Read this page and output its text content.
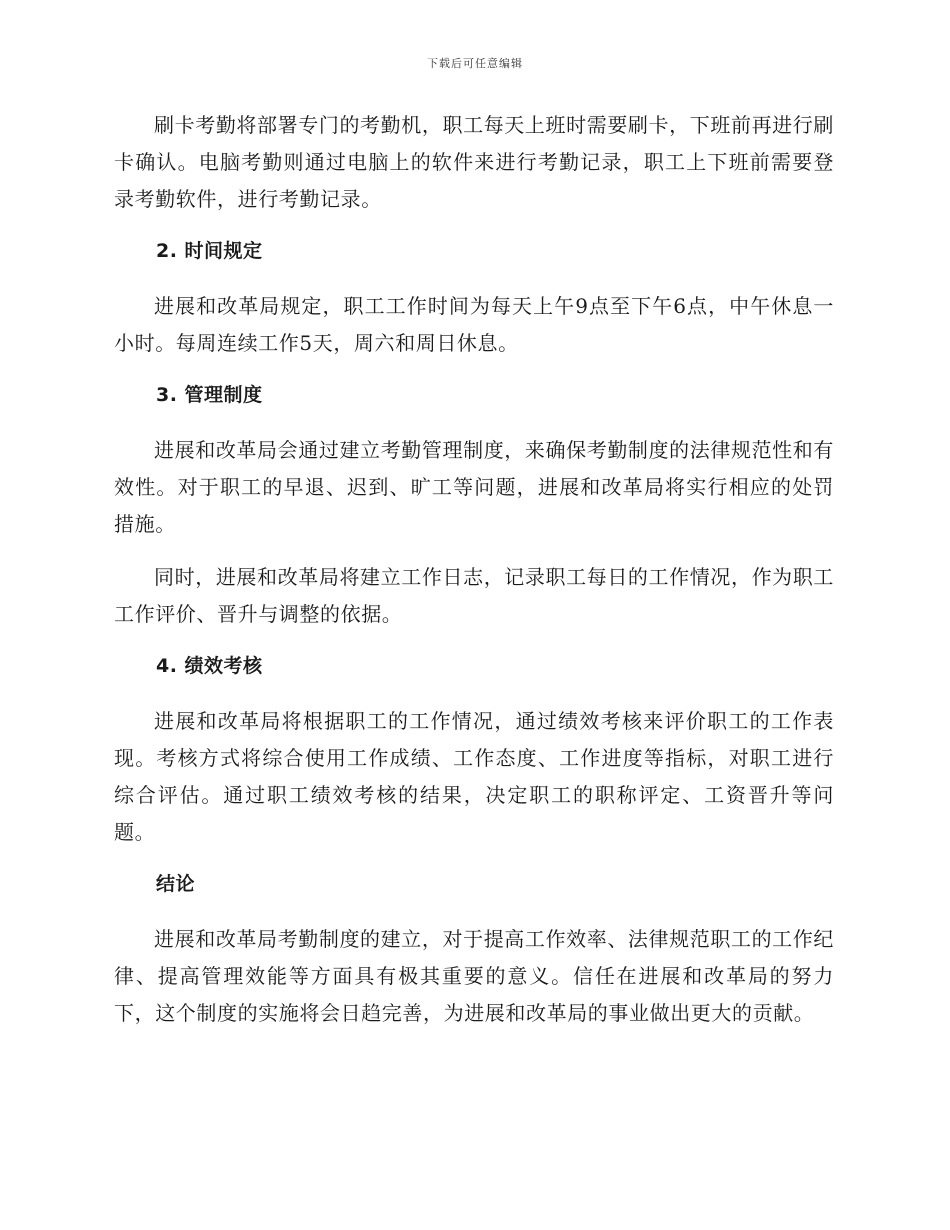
下载后可任意编辑

刷卡考勤将部署专门的考勤机，职工每天上班时需要刷卡，下班前再进行刷卡确认。电脑考勤则通过电脑上的软件来进行考勤记录，职工上下班前需要登录考勤软件，进行考勤记录。

2. 时间规定

进展和改革局规定，职工工作时间为每天上午9点至下午6点，中午休息一小时。每周连续工作5天，周六和周日休息。

3. 管理制度

进展和改革局会通过建立考勤管理制度，来确保考勤制度的法律规范性和有效性。对于职工的早退、迟到、旷工等问题，进展和改革局将实行相应的处罚措施。

同时，进展和改革局将建立工作日志，记录职工每日的工作情况，作为职工工作评价、晋升与调整的依据。

4. 绩效考核

进展和改革局将根据职工的工作情况，通过绩效考核来评价职工的工作表现。考核方式将综合使用工作成绩、工作态度、工作进度等指标，对职工进行综合评估。通过职工绩效考核的结果，决定职工的职称评定、工资晋升等问题。

结论

进展和改革局考勤制度的建立，对于提高工作效率、法律规范职工的工作纪律、提高管理效能等方面具有极其重要的意义。信任在进展和改革局的努力下，这个制度的实施将会日趋完善，为进展和改革局的事业做出更大的贡献。
